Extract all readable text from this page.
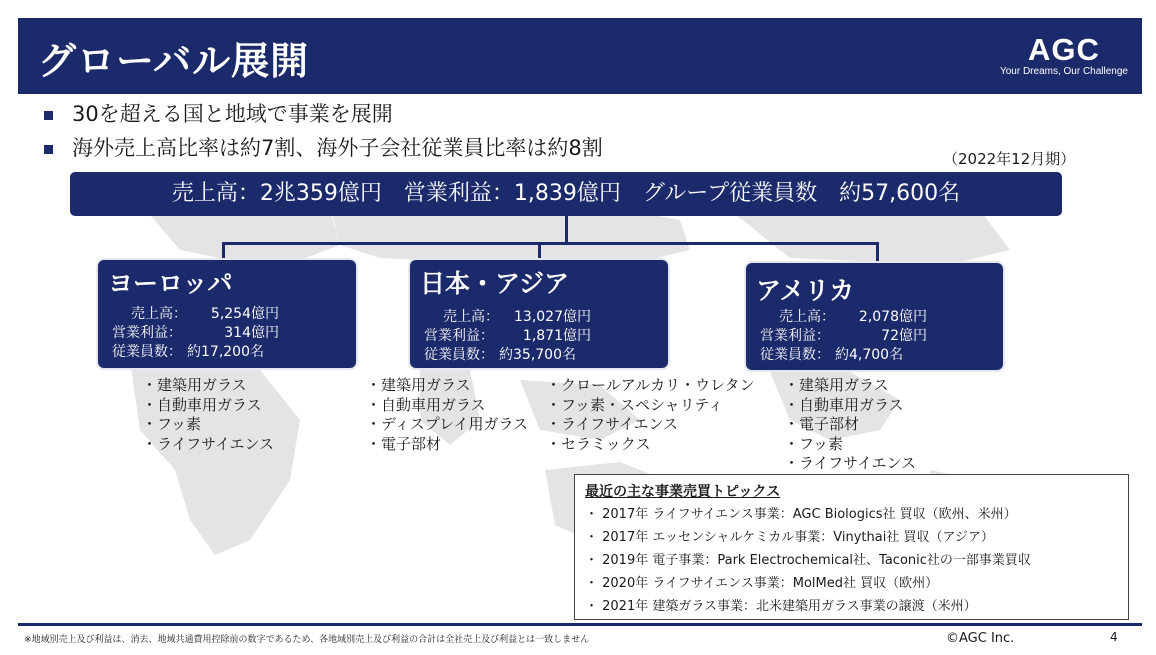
グローバル展開	AGC
Your Dreams, Our Challenge
30を超える国と地域で事業を展開
海外売上高比率は約7割、海外子会社従業員比率は約8割	（2022年12月期）
売上高：2兆359億円　営業利益：1,839億円　グループ従業員数　約57,600名
ヨーロッパ
売上高：	5,254億円
営業利益：	314億円
従業員数： 約17,200名
日本・アジア
売上高：	13,027億円
営業利益：	1,871億円
従業員数： 約35,700名
アメリカ
売上高：	2,078億円
営業利益：	72億円
従業員数： 約4,700名
・建築用ガラス
・自動車用ガラス
・フッ素
・ライフサイエンス
・建築用ガラス
・自動車用ガラス
・ディスプレイ用ガラス
・電子部材
・クロールアルカリ・ウレタン
・フッ素・スペシャリティ
・ライフサイエンス
・セラミックス
・建築用ガラス
・自動車用ガラス
・電子部材
・フッ素
・ライフサイエンス
最近の主な事業売買トピックス
・ 2017年 ライフサイエンス事業：AGC Biologics社 買収（欧州、米州）
・ 2017年 エッセンシャルケミカル事業：Vinythai社 買収（アジア）
・ 2019年 電子事業：Park Electrochemical社、Taconic社の一部事業買収
・ 2020年 ライフサイエンス事業：MolMed社 買収（欧州）
・ 2021年 建築ガラス事業：北米建築用ガラス事業の譲渡（米州）
※地域別売上及び利益は、消去、地域共通費用控除前の数字であるため、各地域別売上及び利益の合計は全社売上及び利益とは一致しません	©AGC Inc.	4
